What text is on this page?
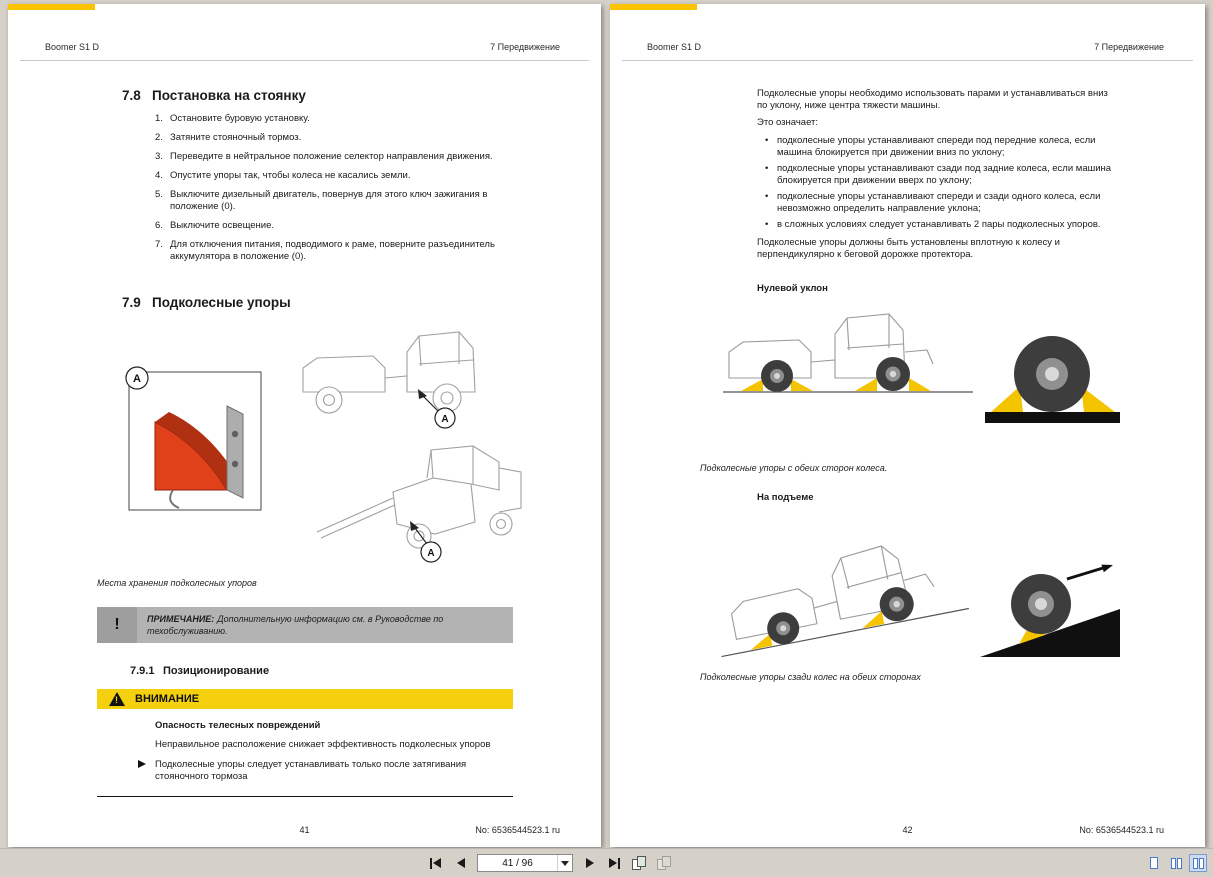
Boomer S1 D	7 Передвижение
7.8 Постановка на стоянку
1. Остановите буровую установку.
2. Затяните стояночный тормоз.
3. Переведите в нейтральное положение селектор направления движения.
4. Опустите упоры так, чтобы колеса не касались земли.
5. Выключите дизельный двигатель, повернув для этого ключ зажигания в положение (0).
6. Выключите освещение.
7. Для отключения питания, подводимого к раме, поверните разъединитель аккумулятора в положение (0).
7.9 Подколесные упоры
A
A
A
Места хранения подколесных упоров
!	ПРИМЕЧАНИЕ: Дополнительную информацию см. в Руководстве по техобслуживанию.
7.9.1 Позиционирование
! ВНИМАНИЕ
Опасность телесных повреждений
Неправильное расположение снижает эффективность подколесных упоров
Подколесные упоры следует устанавливать только после затягивания стояночного тормоза
41	No: 6536544523.1 ru
Boomer S1 D	7 Передвижение

Подколесные упоры необходимо использовать парами и устанавливаться вниз по уклону, ниже центра тяжести машины.

Это означает:

• подколесные упоры устанавливают спереди под передние колеса, если машина блокируется при движении вниз по уклону;
• подколесные упоры устанавливают сзади под задние колеса, если машина блокируется при движении вверх по уклону;
• подколесные упоры устанавливают спереди и сзади одного колеса, если невозможно определить направление уклона;
• в сложных условиях следует устанавливать 2 пары подколесных упоров.

Подколесные упоры должны быть установлены вплотную к колесу и перпендикулярно к беговой дорожке протектора.

Нулевой уклон
Подколесные упоры с обеих сторон колеса.
На подъеме
Подколесные упоры сзади колес на обеих сторонах
42	No: 6536544523.1 ru
41 / 96
